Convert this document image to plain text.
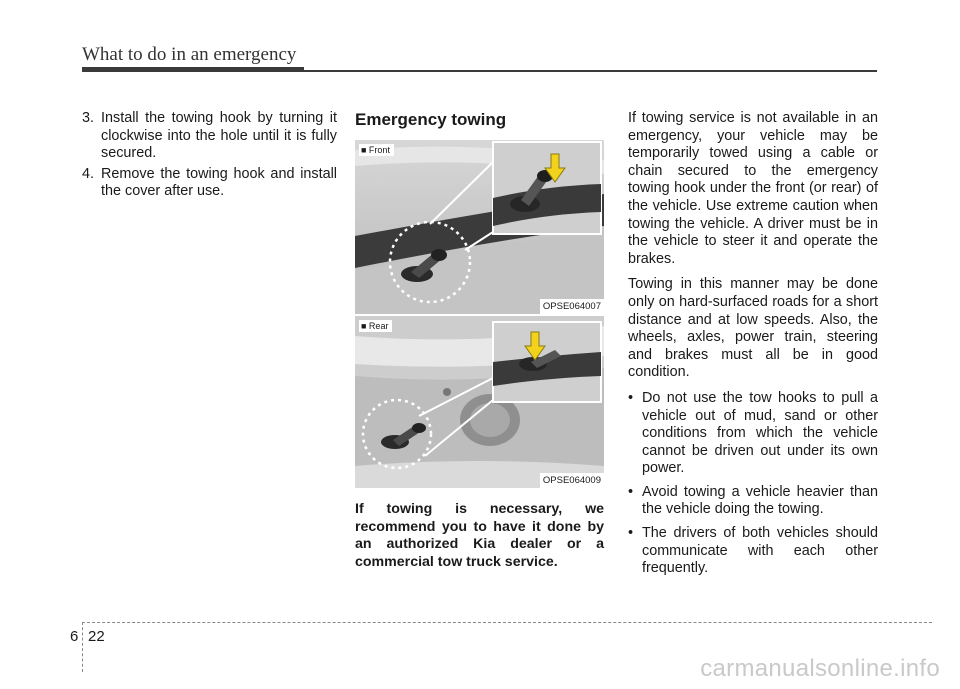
What to do in an emergency
3. Install the towing hook by turning it clockwise into the hole until it is fully secured.
4. Remove the towing hook and install the cover after use.
Emergency towing
■ Front
OPSE064007
■ Rear
OPSE064009
If towing is necessary, we recommend you to have it done by an authorized Kia dealer or a commercial tow truck service.

If towing service is not available in an emergency, your vehicle may be temporarily towed using a cable or chain secured to the emergency towing hook under the front (or rear) of the vehicle. Use extreme caution when towing the vehicle. A driver must be in the vehicle to steer it and operate the brakes.

Towing in this manner may be done only on hard-surfaced roads for a short distance and at low speeds. Also, the wheels, axles, power train, steering and brakes must all be in good condition.

• Do not use the tow hooks to pull a vehicle out of mud, sand or other conditions from which the vehicle cannot be driven out under its own power.
• Avoid towing a vehicle heavier than the vehicle doing the towing.
• The drivers of both vehicles should communicate with each other frequently.
6 22
carmanualsonline.info
